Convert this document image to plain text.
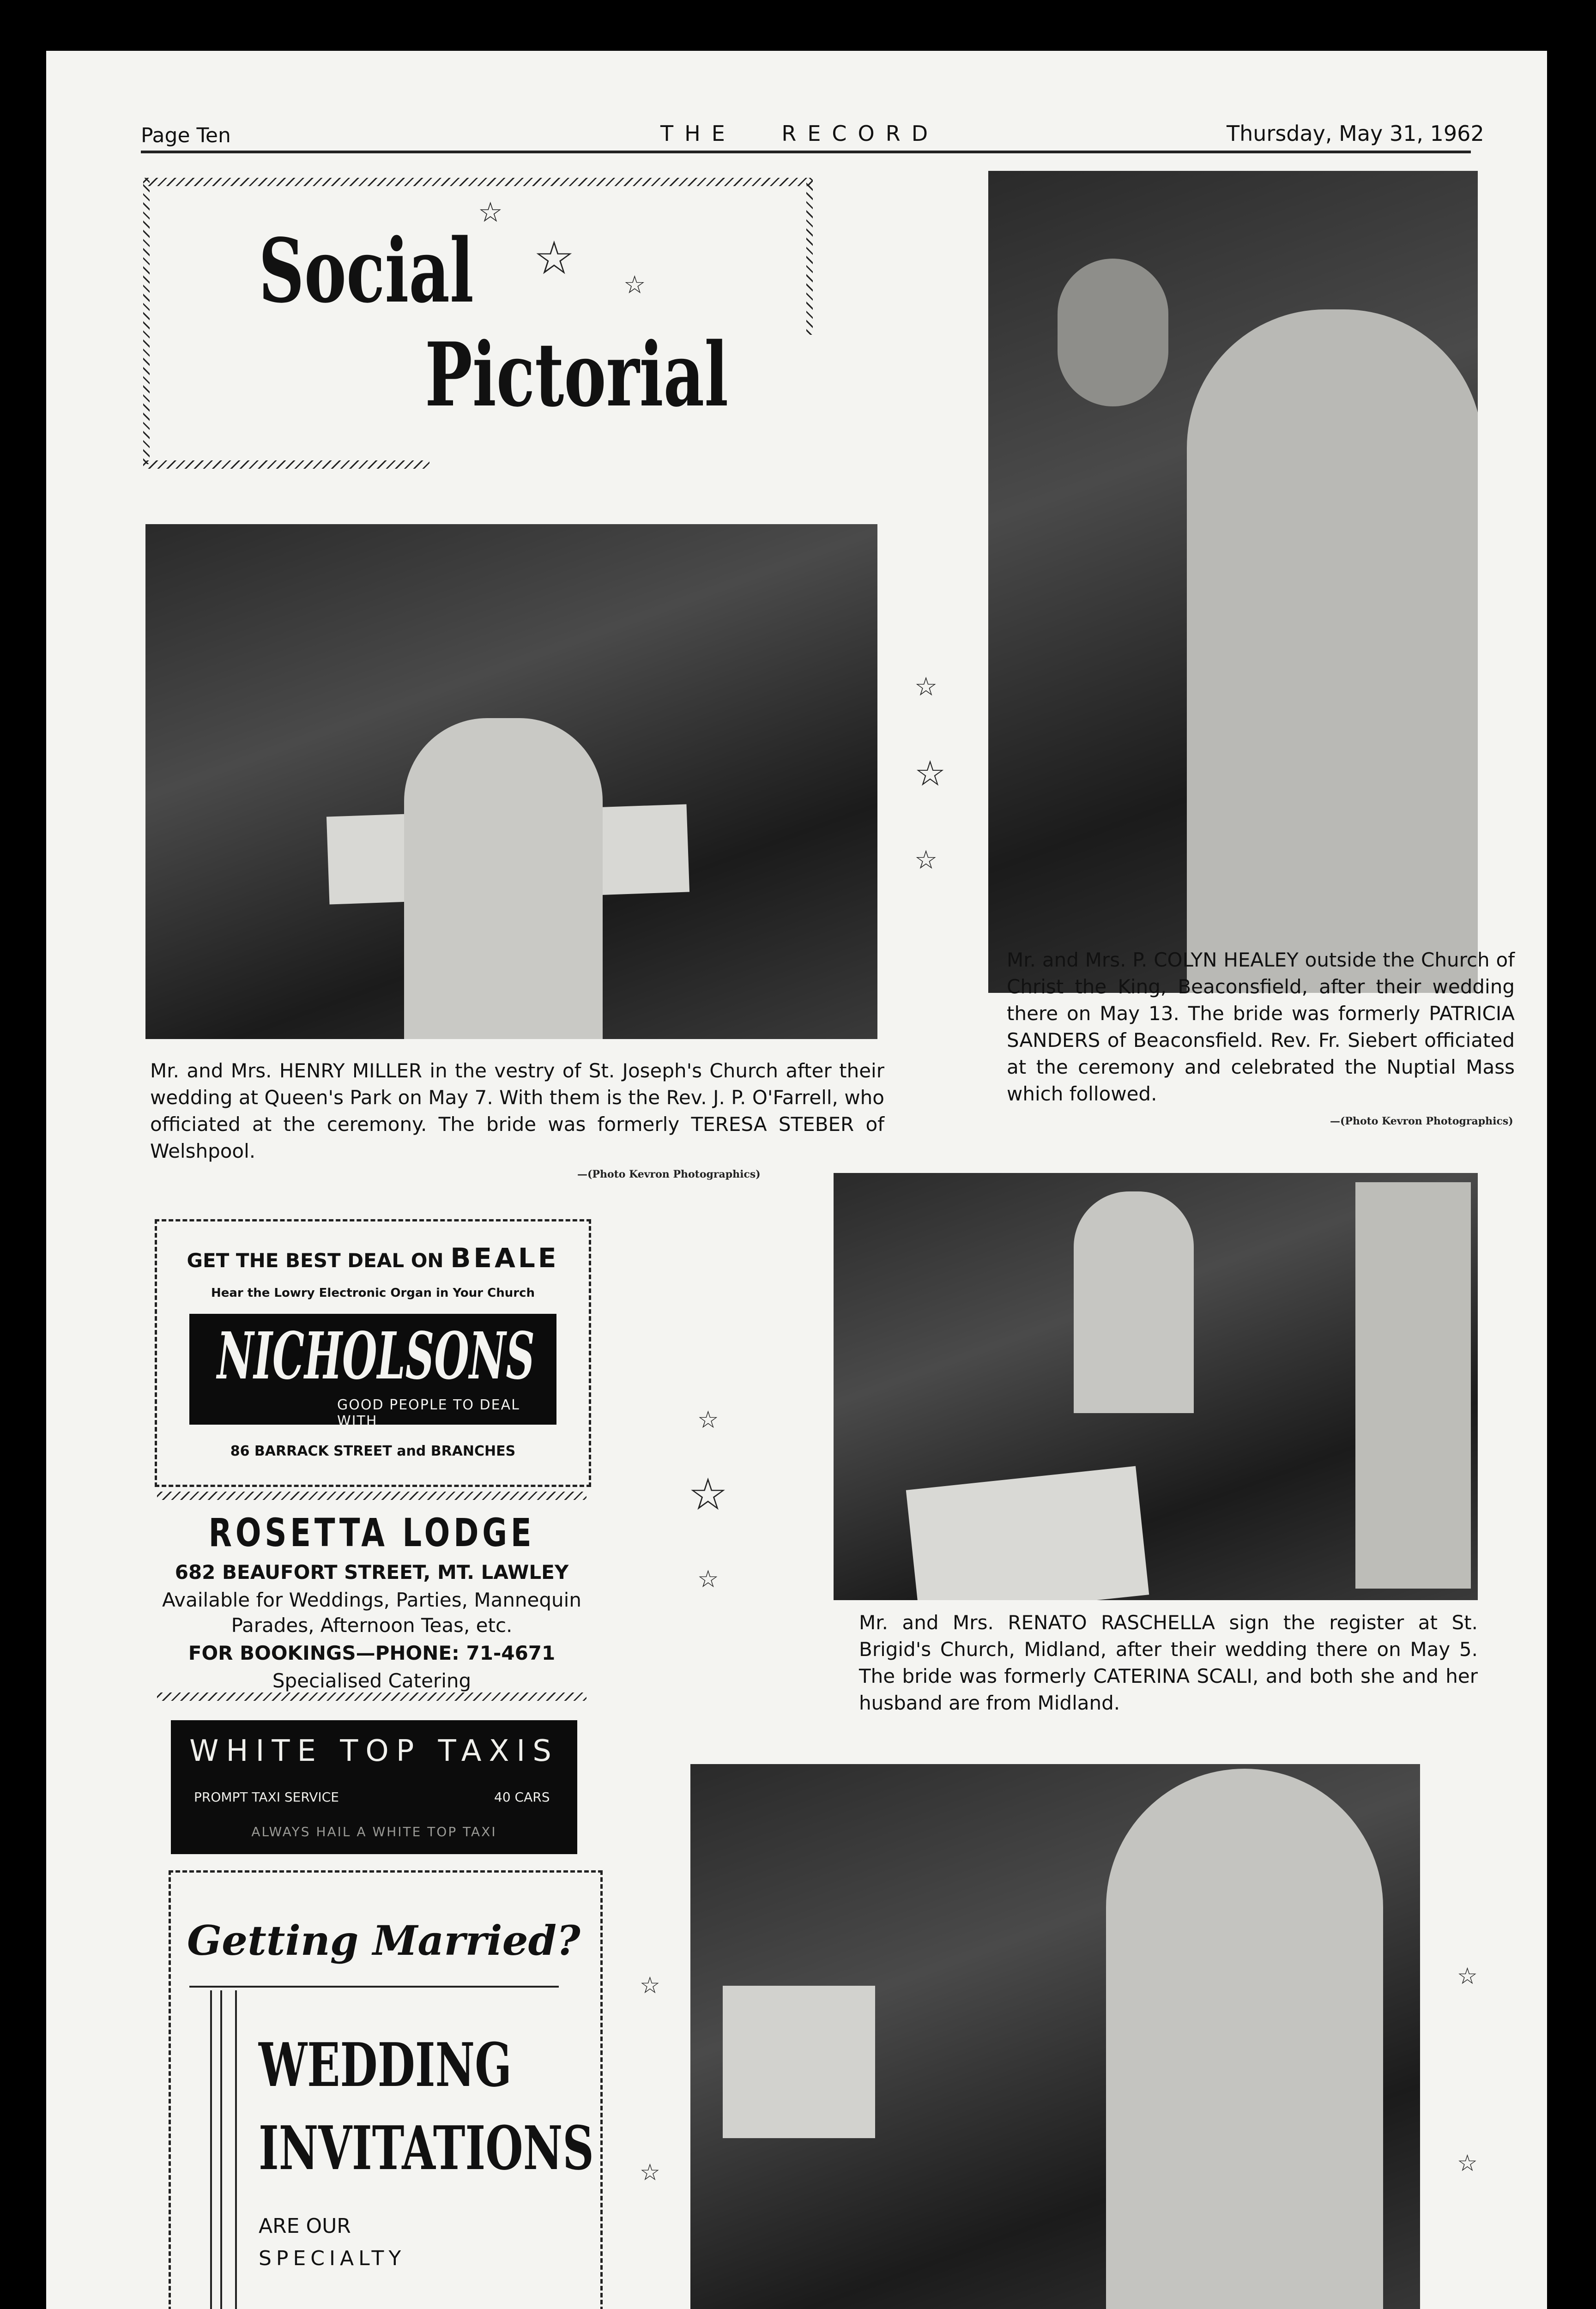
Page Ten	THE RECORD	Thursday, May 31, 1962
Social
Pictorial
☆
☆ ☆
Mr. and Mrs. HENRY MILLER in the vestry of St. Joseph's Church after their wedding at Queen's Park on May 7. With them is the Rev. J. P. O'Farrell, who officiated at the ceremony. The bride was formerly TERESA STEBER of Welshpool.
—(Photo Kevron Photographics)
Mr. and Mrs. P. COLYN HEALEY outside the Church of Christ the King, Beaconsfield, after their wedding there on May 13. The bride was formerly PATRICIA SANDERS of Beaconsfield. Rev. Fr. Siebert officiated at the ceremony and celebrated the Nuptial Mass which followed.
—(Photo Kevron Photographics)
☆
☆
☆
GET THE BEST DEAL ON BEALE
Hear the Lowry Electronic Organ in Your Church
NICHOLSONS
GOOD PEOPLE TO DEAL WITH
86 BARRACK STREET and BRANCHES
ROSETTA LODGE
682 BEAUFORT STREET, MT. LAWLEY
Available for Weddings, Parties, Mannequin
Parades, Afternoon Teas, etc.
FOR BOOKINGS—PHONE: 71-4671
Specialised Catering
WHITE TOP TAXIS
PROMPT TAXI SERVICE	40 CARS
ALWAYS HAIL A WHITE TOP TAXI
Getting Married?
WEDDING
INVITATIONS
ARE OUR
SPECIALTY
☆
☆
☆
☆
☆
☆
☆
Mr. and Mrs. RENATO RASCHELLA sign the register at St. Brigid's Church, Midland, after their wedding there on May 5. The bride was formerly CATERINA SCALI, and both she and her husband are from Midland.
